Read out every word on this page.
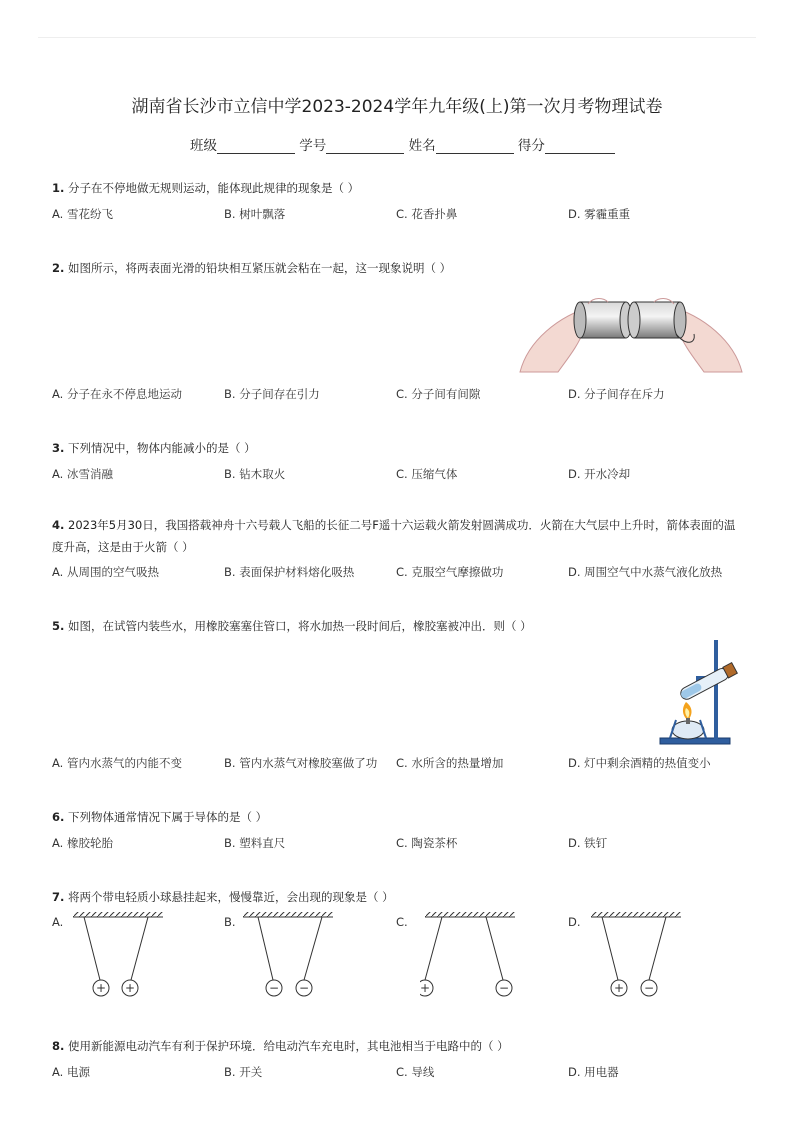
湖南省长沙市立信中学2023-2024学年九年级(上)第一次月考物理试卷
班级	学号	姓名	得分
1. 分子在不停地做无规则运动，能体现此规律的现象是（ ）
A. 雪花纷飞	B. 树叶飘落	C. 花香扑鼻	D. 雾霾重重
2. 如图所示，将两表面光滑的铅块相互紧压就会粘在一起，这一现象说明（ ）
A. 分子在永不停息地运动	B. 分子间存在引力	C. 分子间有间隙	D. 分子间存在斥力
3. 下列情况中，物体内能减小的是（ ）
A. 冰雪消融	B. 钻木取火	C. 压缩气体	D. 开水冷却
4. 2023年5月30日，我国搭载神舟十六号载人飞船的长征二号F遥十六运载火箭发射圆满成功．火箭在大气层中上升时，箭体表面的温度升高，这是由于火箭（ ）
A. 从周围的空气吸热	B. 表面保护材料熔化吸热	C. 克服空气摩擦做功	D. 周围空气中水蒸气液化放热
5. 如图，在试管内装些水，用橡胶塞塞住管口，将水加热一段时间后，橡胶塞被冲出．则（ ）
A. 管内水蒸气的内能不变	B. 管内水蒸气对橡胶塞做了功 C. 水所含的热量增加	D. 灯中剩余酒精的热值变小
6. 下列物体通常情况下属于导体的是（ ）
A. 橡胶轮胎	B. 塑料直尺	C. 陶瓷茶杯	D. 铁钉
7. 将两个带电轻质小球悬挂起来，慢慢靠近，会出现的现象是（ ）
A.
+ +
B.
− −
C.
+	−
D.
+ −
8. 使用新能源电动汽车有利于保护环境．给电动汽车充电时，其电池相当于电路中的（ ）
A. 电源	B. 开关	C. 导线	D. 用电器
